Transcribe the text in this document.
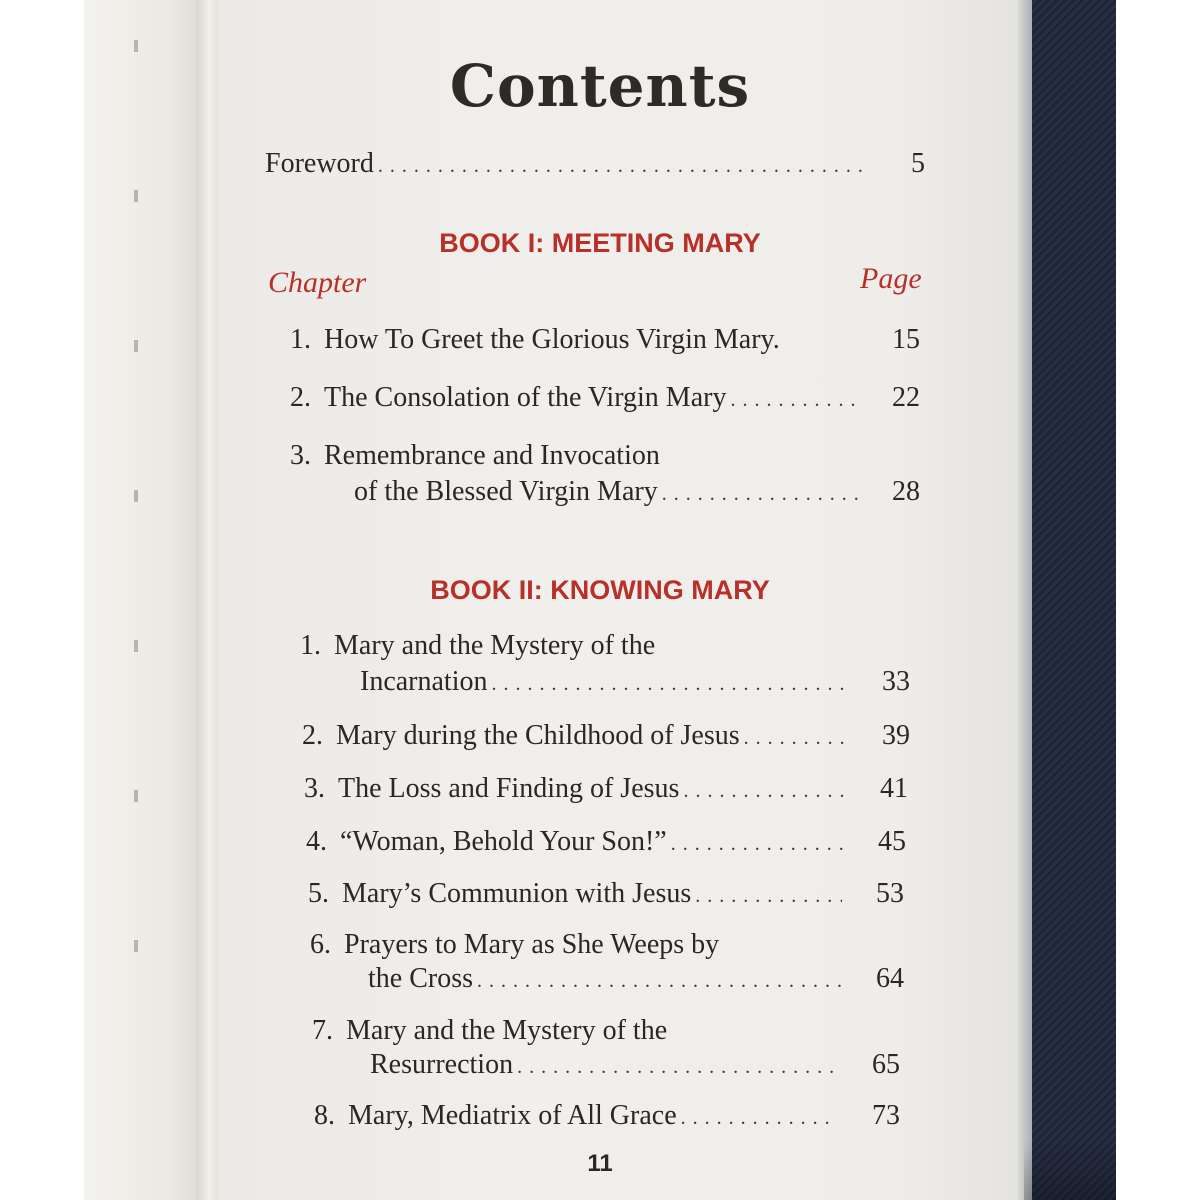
Contents
Foreword . . .	5
BOOK I: MEETING MARY
Chapter	Page
1. How To Greet the Glorious Virgin Mary.	15
2. The Consolation of the Virgin Mary . . .	22
3. Remembrance and Invocation
of the Blessed Virgin Mary . . .	28
BOOK II: KNOWING MARY
1. Mary and the Mystery of the
Incarnation . . .	33
2. Mary during the Childhood of Jesus . . .	39
3. The Loss and Finding of Jesus . . .	41
4. “Woman, Behold Your Son!” . . .	45
5. Mary’s Communion with Jesus . . .	53
6. Prayers to Mary as She Weeps by
the Cross . . .	64
7. Mary and the Mystery of the
Resurrection . . .	65
8. Mary, Mediatrix of All Grace . . .	73
11
